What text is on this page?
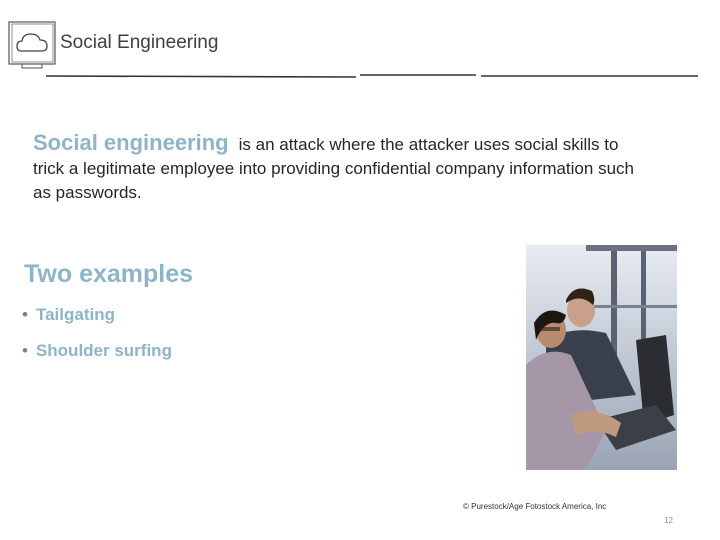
Social Engineering
Social engineering is an attack where the attacker uses social skills to trick a legitimate employee into providing confidential company information such as passwords.
Two examples
• Tailgating
• Shoulder surfing
© Purestock/Age Fotostock America, Inc
12
